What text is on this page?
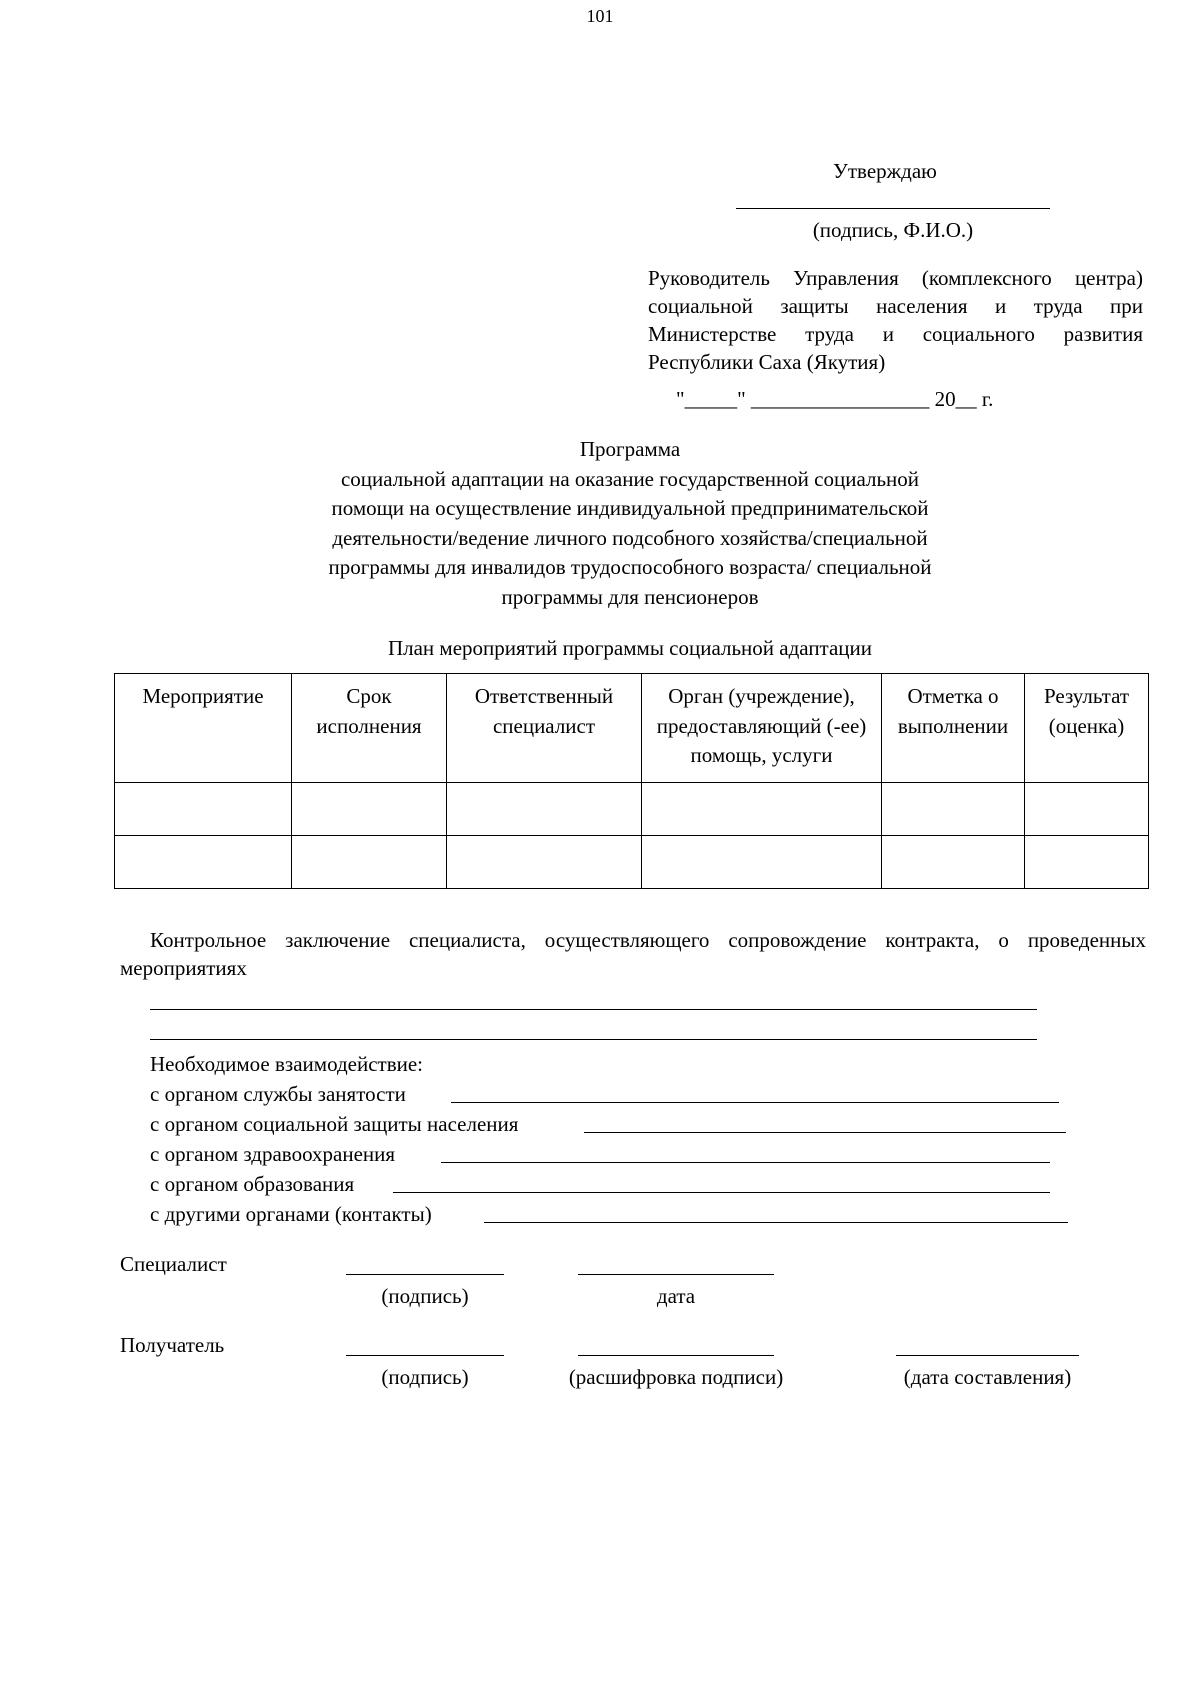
101
Утверждаю
(подпись, Ф.И.О.)
Руководитель Управления (комплексного центра) социальной защиты населения и труда при Министерстве труда и социального развития Республики Саха (Якутия)
"_____" _________________ 20__ г.
Программа
социальной адаптации на оказание государственной социальной
помощи на осуществление индивидуальной предпринимательской
деятельности/ведение личного подсобного хозяйства/специальной
программы для инвалидов трудоспособного возраста/ специальной
программы для пенсионеров
План мероприятий программы социальной адаптации
Мероприятие	Срок исполнения	Ответственный специалист	Орган (учреждение), предоставляющий (-ее) помощь, услуги	Отметка о выполнении	Результат (оценка)

Контрольное заключение специалиста, осуществляющего сопровождение контракта, о проведенных мероприятиях
Необходимое взаимодействие:
с органом службы занятости
с органом социальной защиты населения
с органом здравоохранения
с органом образования
с другими органами (контакты)
Специалист
(подпись)	дата
Получатель
(подпись)	(расшифровка подписи)	(дата составления)
